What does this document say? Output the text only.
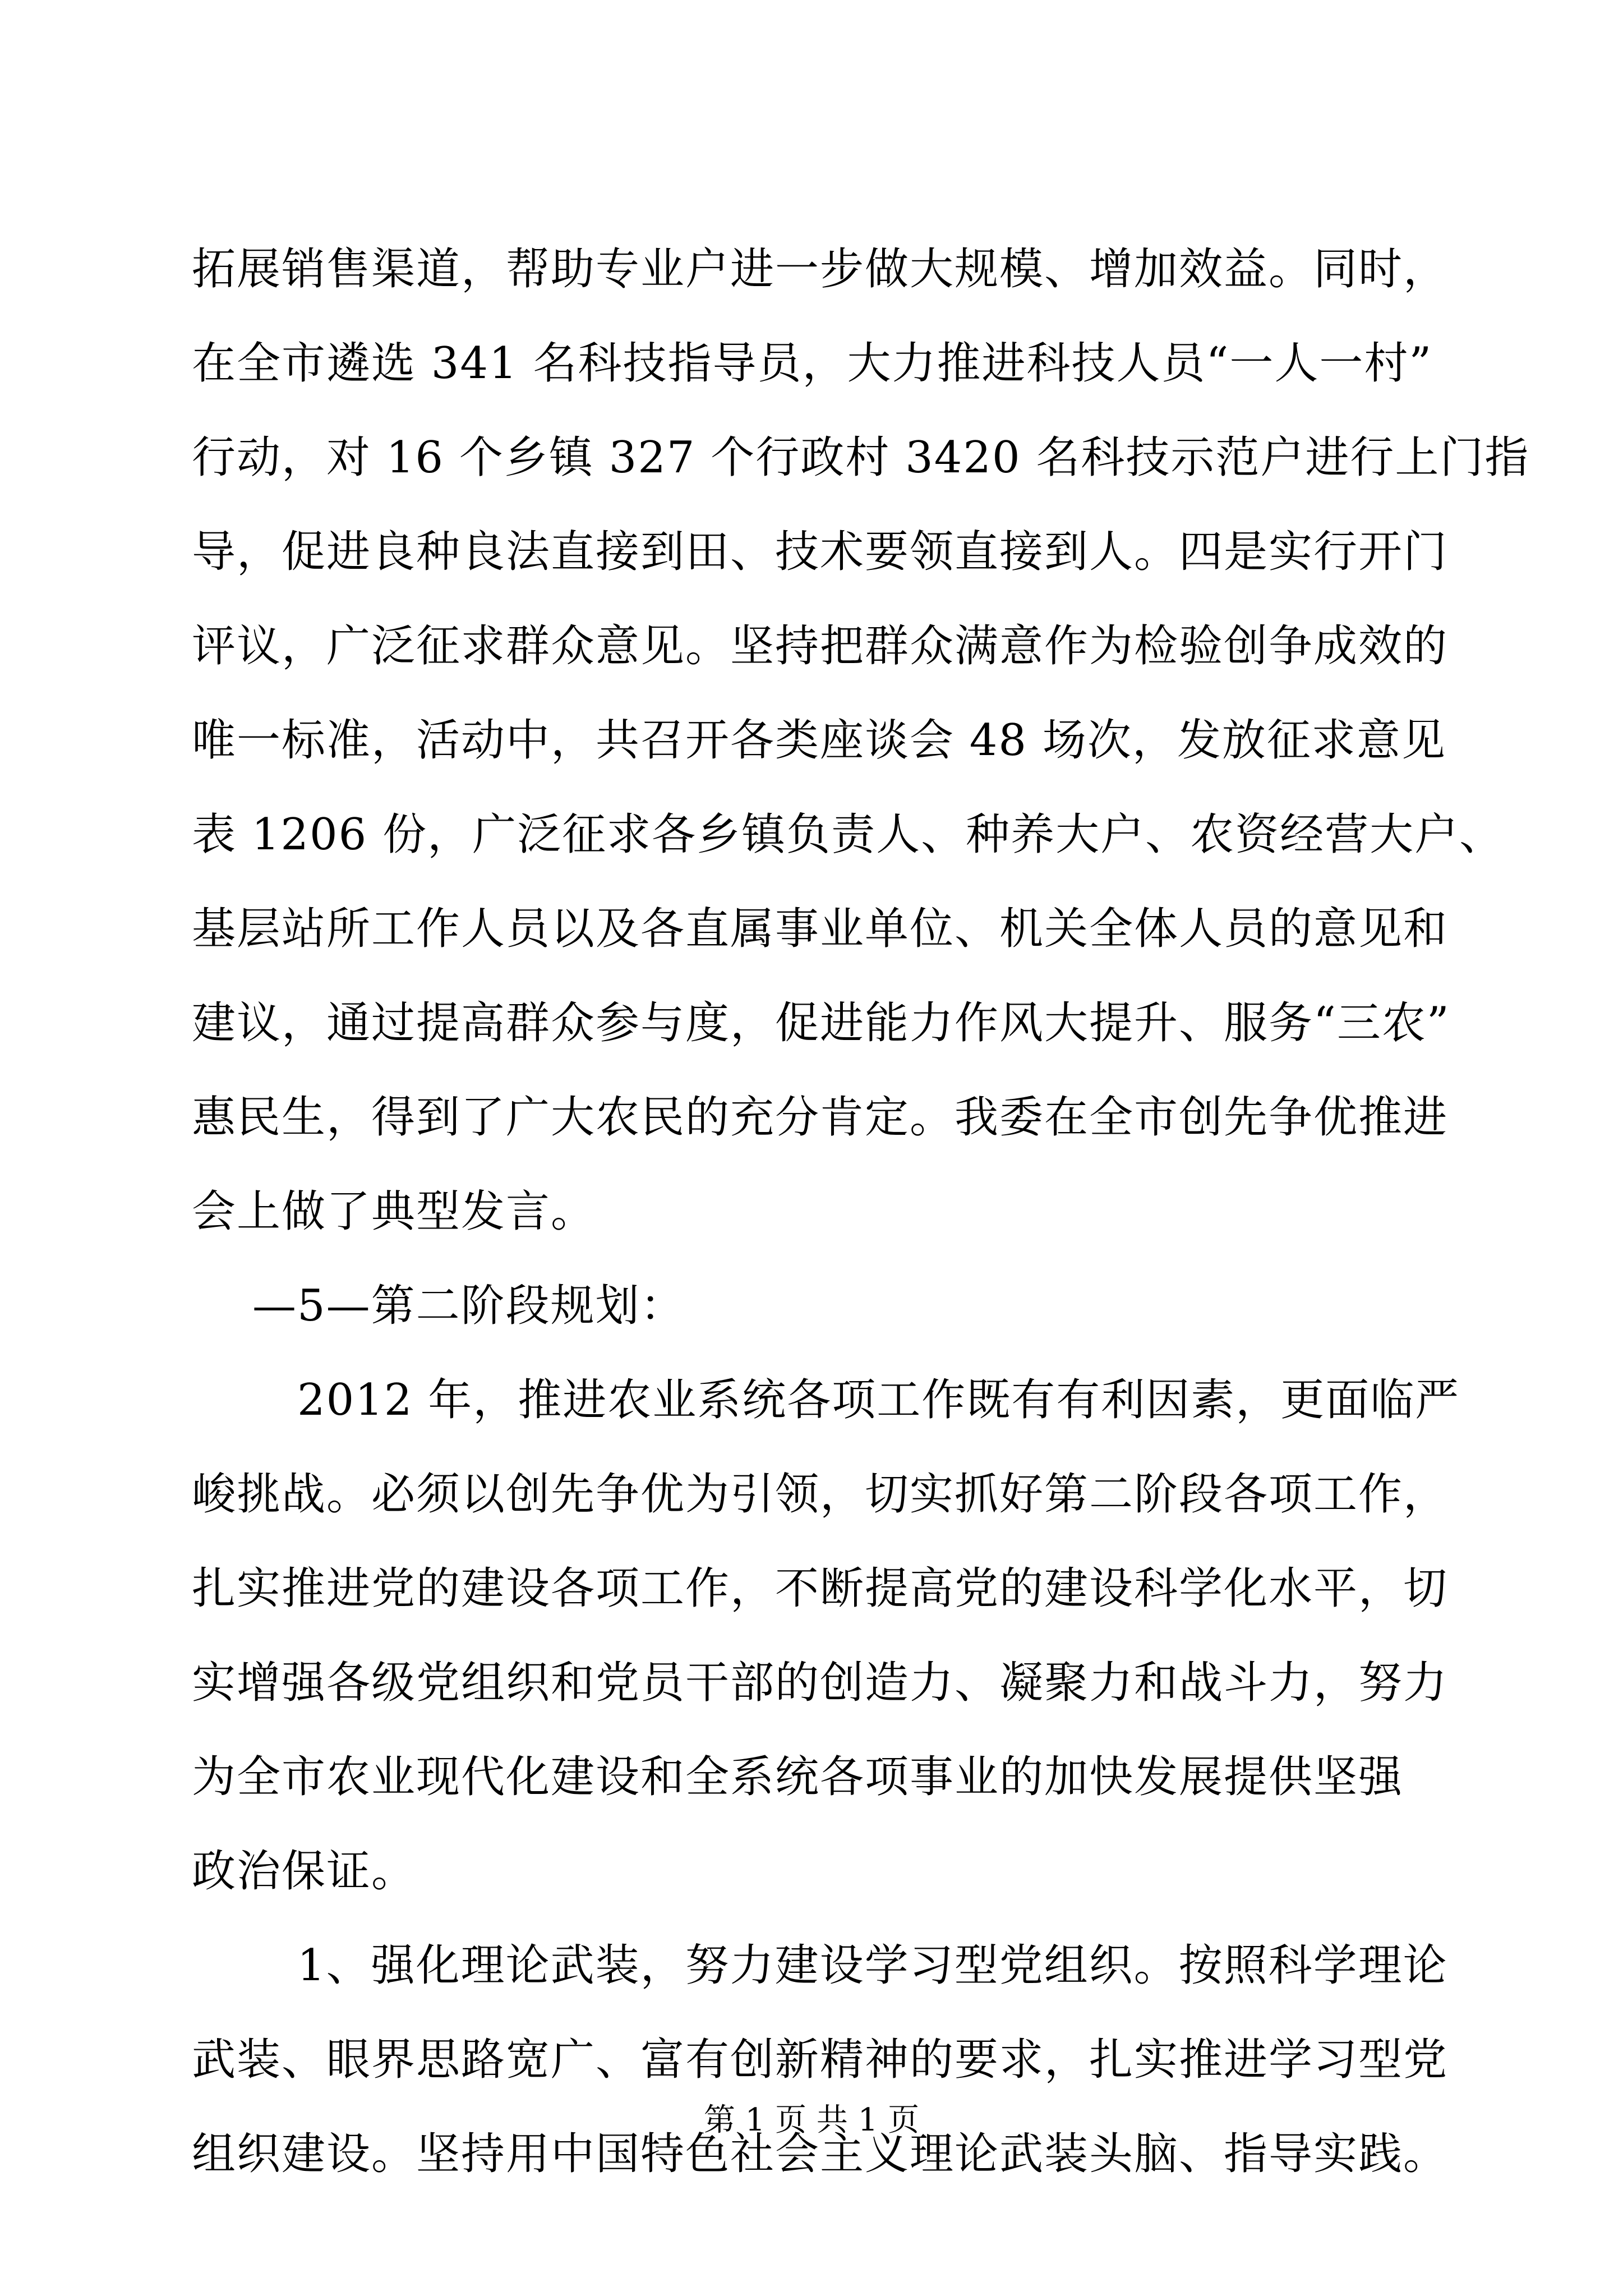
拓展销售渠道，帮助专业户进一步做大规模、增加效益。同时，
在全市遴选 341 名科技指导员，大力推进科技人员“一人一村”
行动，对 16 个乡镇 327 个行政村 3420 名科技示范户进行上门指
导，促进良种良法直接到田、技术要领直接到人。四是实行开门
评议，广泛征求群众意见。坚持把群众满意作为检验创争成效的
唯一标准，活动中，共召开各类座谈会 48 场次，发放征求意见
表 1206 份，广泛征求各乡镇负责人、种养大户、农资经营大户、
基层站所工作人员以及各直属事业单位、机关全体人员的意见和
建议，通过提高群众参与度，促进能力作风大提升、服务“三农”
惠民生，得到了广大农民的充分肯定。我委在全市创先争优推进
会上做了典型发言。
—5—第二阶段规划：
2012 年，推进农业系统各项工作既有有利因素，更面临严
峻挑战。必须以创先争优为引领，切实抓好第二阶段各项工作，
扎实推进党的建设各项工作，不断提高党的建设科学化水平，切
实增强各级党组织和党员干部的创造力、凝聚力和战斗力，努力
为全市农业现代化建设和全系统各项事业的加快发展提供坚强
政治保证。
1、强化理论武装，努力建设学习型党组织。按照科学理论
武装、眼界思路宽广、富有创新精神的要求，扎实推进学习型党
组织建设。坚持用中国特色社会主义理论武装头脑、指导实践。
第 1 页 共 1 页
